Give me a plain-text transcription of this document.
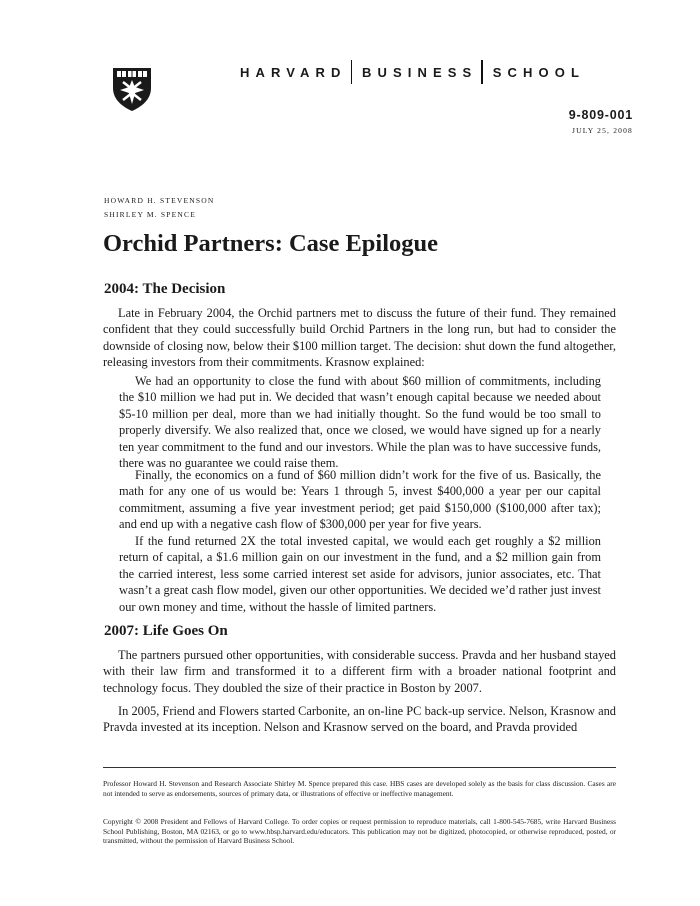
HARVARD BUSINESS SCHOOL
9-809-001
JULY 25, 2008
HOWARD H. STEVENSON
SHIRLEY M. SPENCE
Orchid Partners: Case Epilogue
2004: The Decision

Late in February 2004, the Orchid partners met to discuss the future of their fund. They remained confident that they could successfully build Orchid Partners in the long run, but had to consider the downside of closing now, below their $100 million target. The decision: shut down the fund altogether, releasing investors from their commitments. Krasnow explained:

We had an opportunity to close the fund with about $60 million of commitments, including the $10 million we had put in. We decided that wasn’t enough capital because we needed about $5-10 million per deal, more than we had initially thought. So the fund would be too small to properly diversify. We also realized that, once we closed, we would have signed up for a nearly ten year commitment to the fund and our investors. While the plan was to have successive funds, there was no guarantee we could raise them.

Finally, the economics on a fund of $60 million didn’t work for the five of us. Basically, the math for any one of us would be: Years 1 through 5, invest $400,000 a year per our capital commitment, assuming a five year investment period; get paid $150,000 ($100,000 after tax); and end up with a negative cash flow of $300,000 per year for five years.

If the fund returned 2X the total invested capital, we would each get roughly a $2 million return of capital, a $1.6 million gain on our investment in the fund, and a $2 million gain from the carried interest, less some carried interest set aside for advisors, junior associates, etc. That wasn’t a great cash flow model, given our other opportunities. We decided we’d rather just invest our own money and time, without the hassle of limited partners.

2007: Life Goes On

The partners pursued other opportunities, with considerable success. Pravda and her husband stayed with their law firm and transformed it to a different firm with a broader national footprint and technology focus. They doubled the size of their practice in Boston by 2007.

In 2005, Friend and Flowers started Carbonite, an on-line PC back-up service. Nelson, Krasnow and Pravda invested at its inception. Nelson and Krasnow served on the board, and Pravda provided

Professor Howard H. Stevenson and Research Associate Shirley M. Spence prepared this case. HBS cases are developed solely as the basis for class discussion. Cases are not intended to serve as endorsements, sources of primary data, or illustrations of effective or ineffective management.

Copyright © 2008 President and Fellows of Harvard College. To order copies or request permission to reproduce materials, call 1-800-545-7685, write Harvard Business School Publishing, Boston, MA 02163, or go to www.hbsp.harvard.edu/educators. This publication may not be digitized, photocopied, or otherwise reproduced, posted, or transmitted, without the permission of Harvard Business School.
